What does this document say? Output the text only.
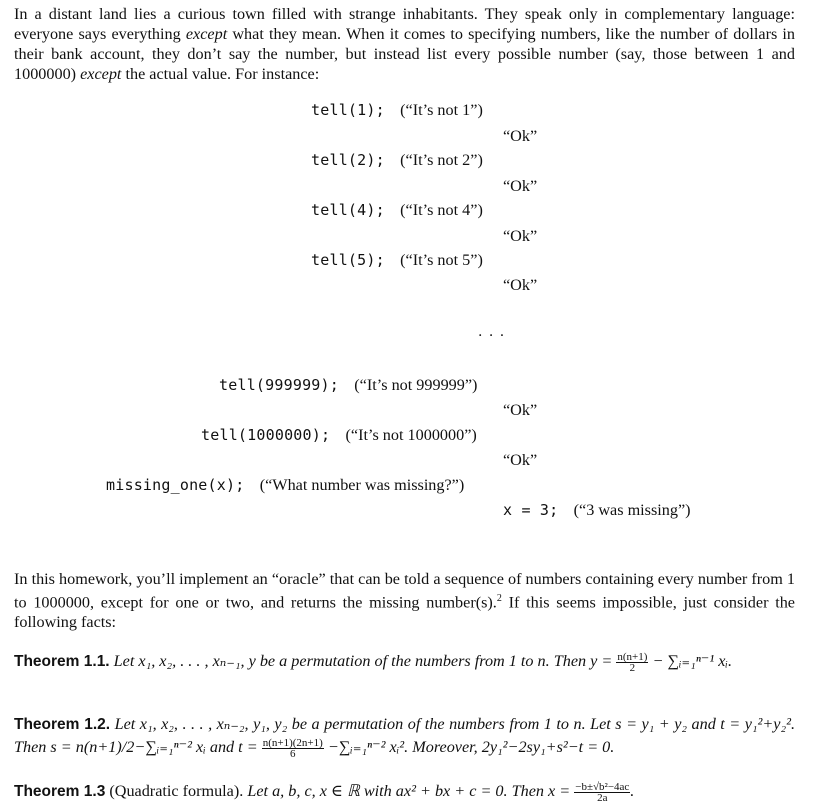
In a distant land lies a curious town filled with strange inhabitants. They speak only in complementary language: everyone says everything except what they mean. When it comes to specifying numbers, like the number of dollars in their bank account, they don’t say the number, but instead list every possible number (say, those between 1 and 1000000) except the actual value. For instance:

tell(1); (“It’s not 1”)
“Ok”
tell(2); (“It’s not 2”)
“Ok”
tell(4); (“It’s not 4”)
“Ok”
tell(5); (“It’s not 5”)
“Ok”
· · ·
tell(999999); (“It’s not 999999”)
“Ok”
tell(1000000); (“It’s not 1000000”)
“Ok”
missing_one(x); (“What number was missing?”)
x = 3; (“3 was missing”)

In this homework, you’ll implement an “oracle” that can be told a sequence of numbers containing every number from 1 to 1000000, except for one or two, and returns the missing number(s).$^2$ If this seems impossible, just consider the following facts:

Theorem 1.1. Let x₁, x₂, . . . , xₙ₋₁, y be a permutation of the numbers from 1 to n. Then $y = \frac{n(n+1)}{2}$ − ∑ᵢ₌₁ⁿ⁻¹ xᵢ.
Theorem 1.2. Let x₁, x₂, . . . , xₙ₋₂, y₁, y₂ be a permutation of the numbers from 1 to n. Let s = y₁ + y₂ and t = y₁²+y₂². Then s = n(n+1)/2−∑ᵢ₌₁ⁿ⁻² xᵢ and $t = \frac{n(n+1)(2n+1)}{6}$ −∑ᵢ₌₁ⁿ⁻² xᵢ². Moreover, 2y₁²−2sy₁+s²−t = 0.
Theorem 1.3 (Quadratic formula). Let a, b, c, x ∈ ℝ with ax² + bx + c = 0. Then $x = \frac{\text{−b±√b²−4ac}}{2a}$ .
